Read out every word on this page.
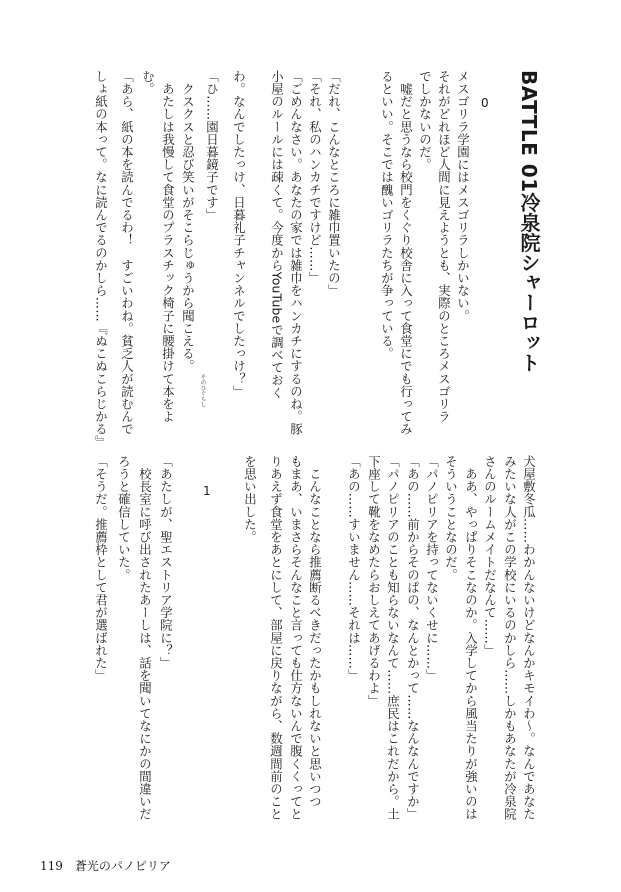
BATTLE 01冷泉院シャーロット
0
1
メスゴリラ学園にはメスゴリラしかいない。
それがどれほど人間に見えようとも、実際のところメスゴリラ
でしかないのだ。
　嘘だと思うなら校門をくぐり校舎に入って食堂にでも行ってみ
るといい。そこでは醜いゴリラたちが争っている。
「だれ、こんなところに雑巾置いたの」
「それ、私のハンカチですけど……」
「ごめんなさい。あなたの家では雑巾をハンカチにするのね。豚
小屋のルールには疎くて。今度からYouTubeで調べておく
わ。なんでしたっけ、日暮礼子チャンネルでしたっけ？」
「ひ……園日暮鏡子です」
　クスクスと忍び笑いがそこらじゅうから聞こえる。
　あたしは我慢して食堂のプラスチック椅子に腰掛けて本をよ
む。
「あら、紙の本を読んでるわ！　すごいわね。貧乏人が読むんで
しょ紙の本って。なに読んでるのかしら……『ぬこぬこらじかる』	そのひぐらし
犬屋敷冬瓜……わかんないけどなんかキモイわ～。なんであなた
みたいな人がこの学校にいるのかしら……しかもあなたが冷泉院
さんのルームメイトだなんて……」
　ああ、やっぱりそこなのか。入学してから風当たりが強いのは
そういうことなのだ。
「パノピリアを持ってないくせに……」
「あの……前からそのぱの、なんとかって……なんなんですか」
「パノピリアのことも知らないなんて……庶民はこれだから。土
下座して靴をなめたらおしえてあげるわよ」
「あの……すいません……それは……」
　こんなことなら推薦断るべきだったかもしれないと思いつつ
もまあ、いまさらそんなこと言っても仕方ないんで腹くくってと
りあえず食堂をあとにして、部屋に戻りながら、数週間前のこと
を思い出した。
「あたしが、聖エストリア学院に？」
　校長室に呼び出されたあーしは、話を聞いてなにかの間違いだ
ろうと確信していた。
「そうだ。推薦枠として君が選ばれた」
119 蒼光のパノピリア
